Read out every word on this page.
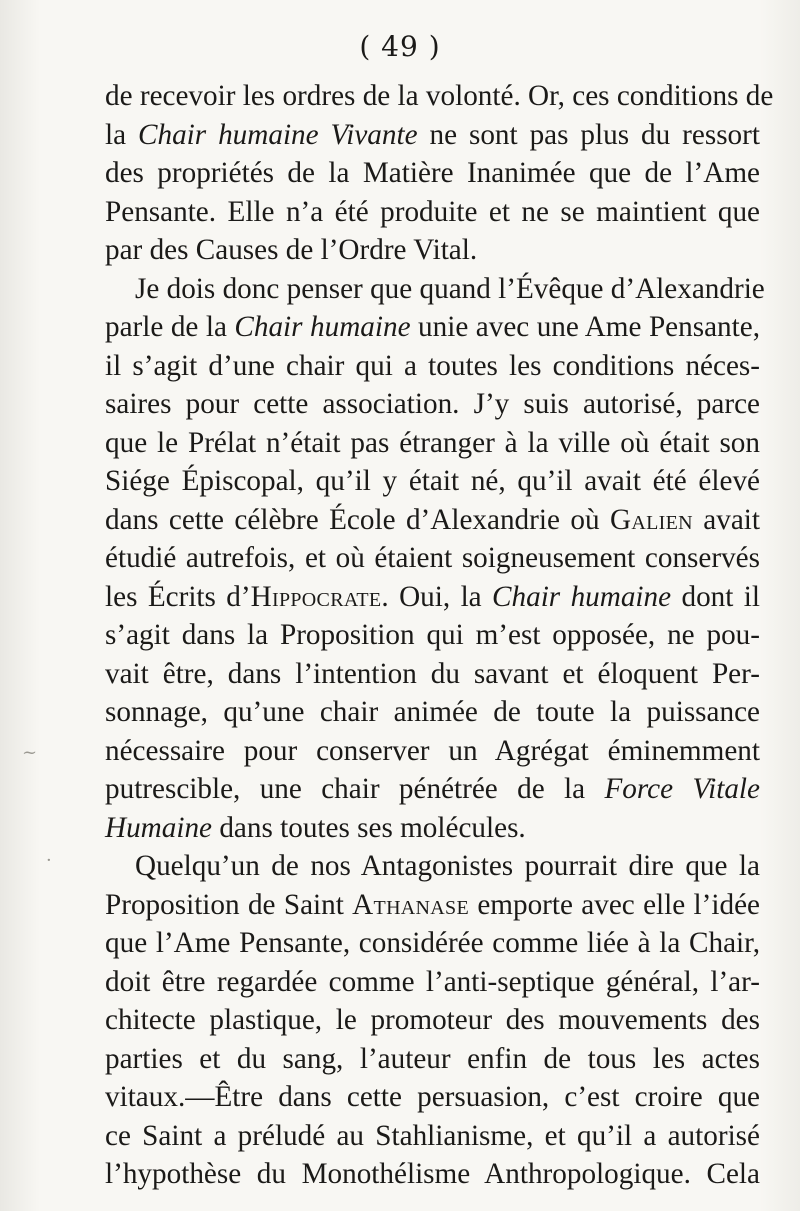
( 49 )
de recevoir les ordres de la volonté. Or, ces conditions de
la Chair humaine Vivante ne sont pas plus du ressort
des propriétés de la Matière Inanimée que de l’Ame
Pensante. Elle n’a été produite et ne se maintient que
par des Causes de l’Ordre Vital.
Je dois donc penser que quand l’Évêque d’Alexandrie
parle de la Chair humaine unie avec une Ame Pensante,
il s’agit d’une chair qui a toutes les conditions néces-
saires pour cette association. J’y suis autorisé, parce
que le Prélat n’était pas étranger à la ville où était son
Siége Épiscopal, qu’il y était né, qu’il avait été élevé
dans cette célèbre École d’Alexandrie où Galien avait
étudié autrefois, et où étaient soigneusement conservés
les Écrits d’Hippocrate. Oui, la Chair humaine dont il
s’agit dans la Proposition qui m’est opposée, ne pou-
vait être, dans l’intention du savant et éloquent Per-
sonnage, qu’une chair animée de toute la puissance
nécessaire pour conserver un Agrégat éminemment
putrescible, une chair pénétrée de la Force Vitale
Humaine dans toutes ses molécules.
Quelqu’un de nos Antagonistes pourrait dire que la
Proposition de Saint Athanase emporte avec elle l’idée
que l’Ame Pensante, considérée comme liée à la Chair,
doit être regardée comme l’anti-septique général, l’ar-
chitecte plastique, le promoteur des mouvements des
parties et du sang, l’auteur enfin de tous les actes
vitaux.—Être dans cette persuasion, c’est croire que
ce Saint a préludé au Stahlianisme, et qu’il a autorisé
l’hypothèse du Monothélisme Anthropologique. Cela
~
·
